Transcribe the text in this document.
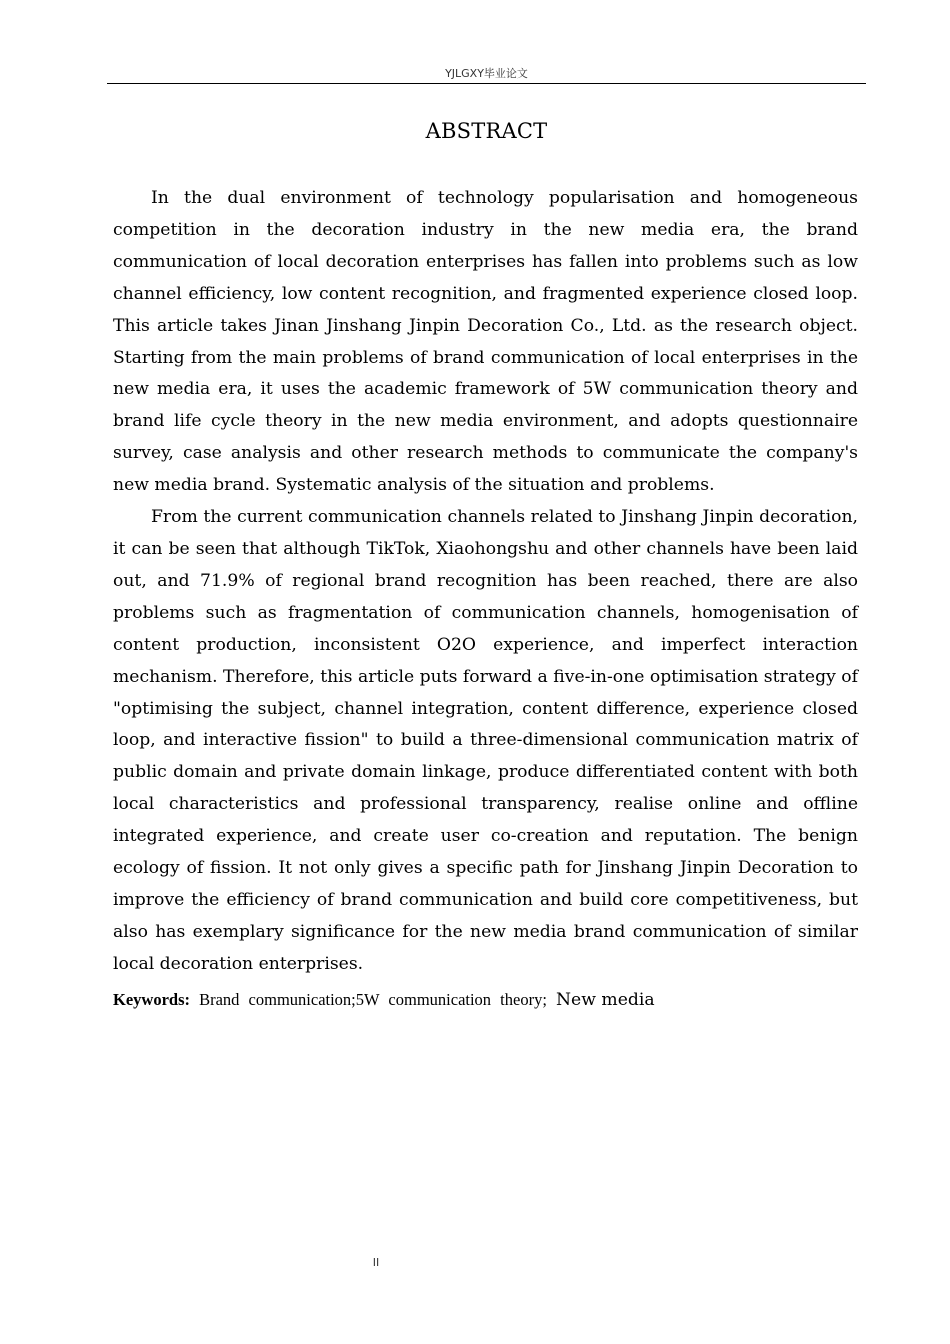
YJLGXY毕业论文
ABSTRACT

In the dual environment of technology popularisation and homogeneous competition in the decoration industry in the new media era, the brand communication of local decoration enterprises has fallen into problems such as low channel efficiency, low content recognition, and fragmented experience closed loop. This article takes Jinan Jinshang Jinpin Decoration Co., Ltd. as the research object. Starting from the main problems of brand communication of local enterprises in the new media era, it uses the academic framework of 5W communication theory and brand life cycle theory in the new media environment, and adopts questionnaire survey, case analysis and other research methods to communicate the company's new media brand. Systematic analysis of the situation and problems.

From the current communication channels related to Jinshang Jinpin decoration, it can be seen that although TikTok, Xiaohongshu and other channels have been laid out, and 71.9% of regional brand recognition has been reached, there are also problems such as fragmentation of communication channels, homogenisation of content production, inconsistent O2O experience, and imperfect interaction mechanism. Therefore, this article puts forward a five-in-one optimisation strategy of "optimising the subject, channel integration, content difference, experience closed loop, and interactive fission" to build a three-dimensional communication matrix of public domain and private domain linkage, produce differentiated content with both local characteristics and professional transparency, realise online and offline integrated experience, and create user co-creation and reputation. The benign ecology of fission. It not only gives a specific path for Jinshang Jinpin Decoration to improve the efficiency of brand communication and build core competitiveness, but also has exemplary significance for the new media brand communication of similar local decoration enterprises.

Keywords: Brand communication;5W communication theory; New media

II
